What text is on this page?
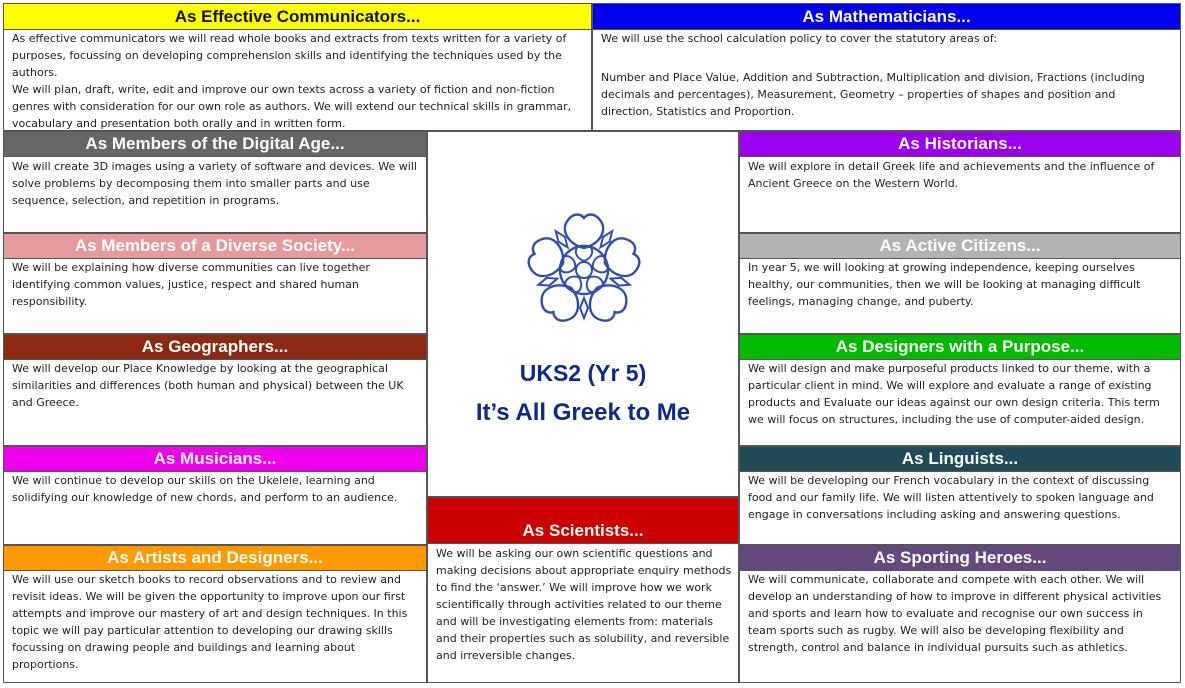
As Effective Communicators...
As effective communicators we will read whole books and extracts from texts written for a variety of purposes, focussing on developing comprehension skills and identifying the techniques used by the authors.
We will plan, draft, write, edit and improve our own texts across a variety of fiction and non-fiction genres with consideration for our own role as authors. We will extend our technical skills in grammar, vocabulary and presentation both orally and in written form.
As Mathematicians...
We will use the school calculation policy to cover the statutory areas of:
Number and Place Value, Addition and Subtraction, Multiplication and division, Fractions (including decimals and percentages), Measurement, Geometry – properties of shapes and position and direction, Statistics and Proportion.
As Members of the Digital Age...
We will create 3D images using a variety of software and devices. We will solve problems by decomposing them into smaller parts and use sequence, selection, and repetition in programs.
As Members of a Diverse Society...
We will be explaining how diverse communities can live together identifying common values, justice, respect and shared human responsibility.
As Geographers...
We will develop our Place Knowledge by looking at the geographical similarities and differences (both human and physical) between the UK and Greece.
As Musicians...
We will continue to develop our skills on the Ukelele, learning and solidifying our knowledge of new chords, and perform to an audience.
As Artists and Designers...
We will use our sketch books to record observations and to review and revisit ideas. We will be given the opportunity to improve upon our first attempts and improve our mastery of art and design techniques. In this topic we will pay particular attention to developing our drawing skills focussing on drawing people and buildings and learning about proportions.
UKS2 (Yr 5)
It’s All Greek to Me
As Scientists...
We will be asking our own scientific questions and making decisions about appropriate enquiry methods to find the ‘answer.’ We will improve how we work scientifically through activities related to our theme and will be investigating elements from: materials and their properties such as solubility, and reversible and irreversible changes.
As Historians...
We will explore in detail Greek life and achievements and the influence of Ancient Greece on the Western World.
As Active Citizens...
In year 5, we will looking at growing independence, keeping ourselves healthy, our communities, then we will be looking at managing difficult feelings, managing change, and puberty.
As Designers with a Purpose...
We will design and make purposeful products linked to our theme, with a particular client in mind. We will explore and evaluate a range of existing products and Evaluate our ideas against our own design criteria. This term we will focus on structures, including the use of computer-aided design.
As Linguists...
We will be developing our French vocabulary in the context of discussing food and our family life. We will listen attentively to spoken language and engage in conversations including asking and answering questions.
As Sporting Heroes...
We will communicate, collaborate and compete with each other. We will develop an understanding of how to improve in different physical activities and sports and learn how to evaluate and recognise our own success in team sports such as rugby. We will also be developing flexibility and strength, control and balance in individual pursuits such as athletics.
